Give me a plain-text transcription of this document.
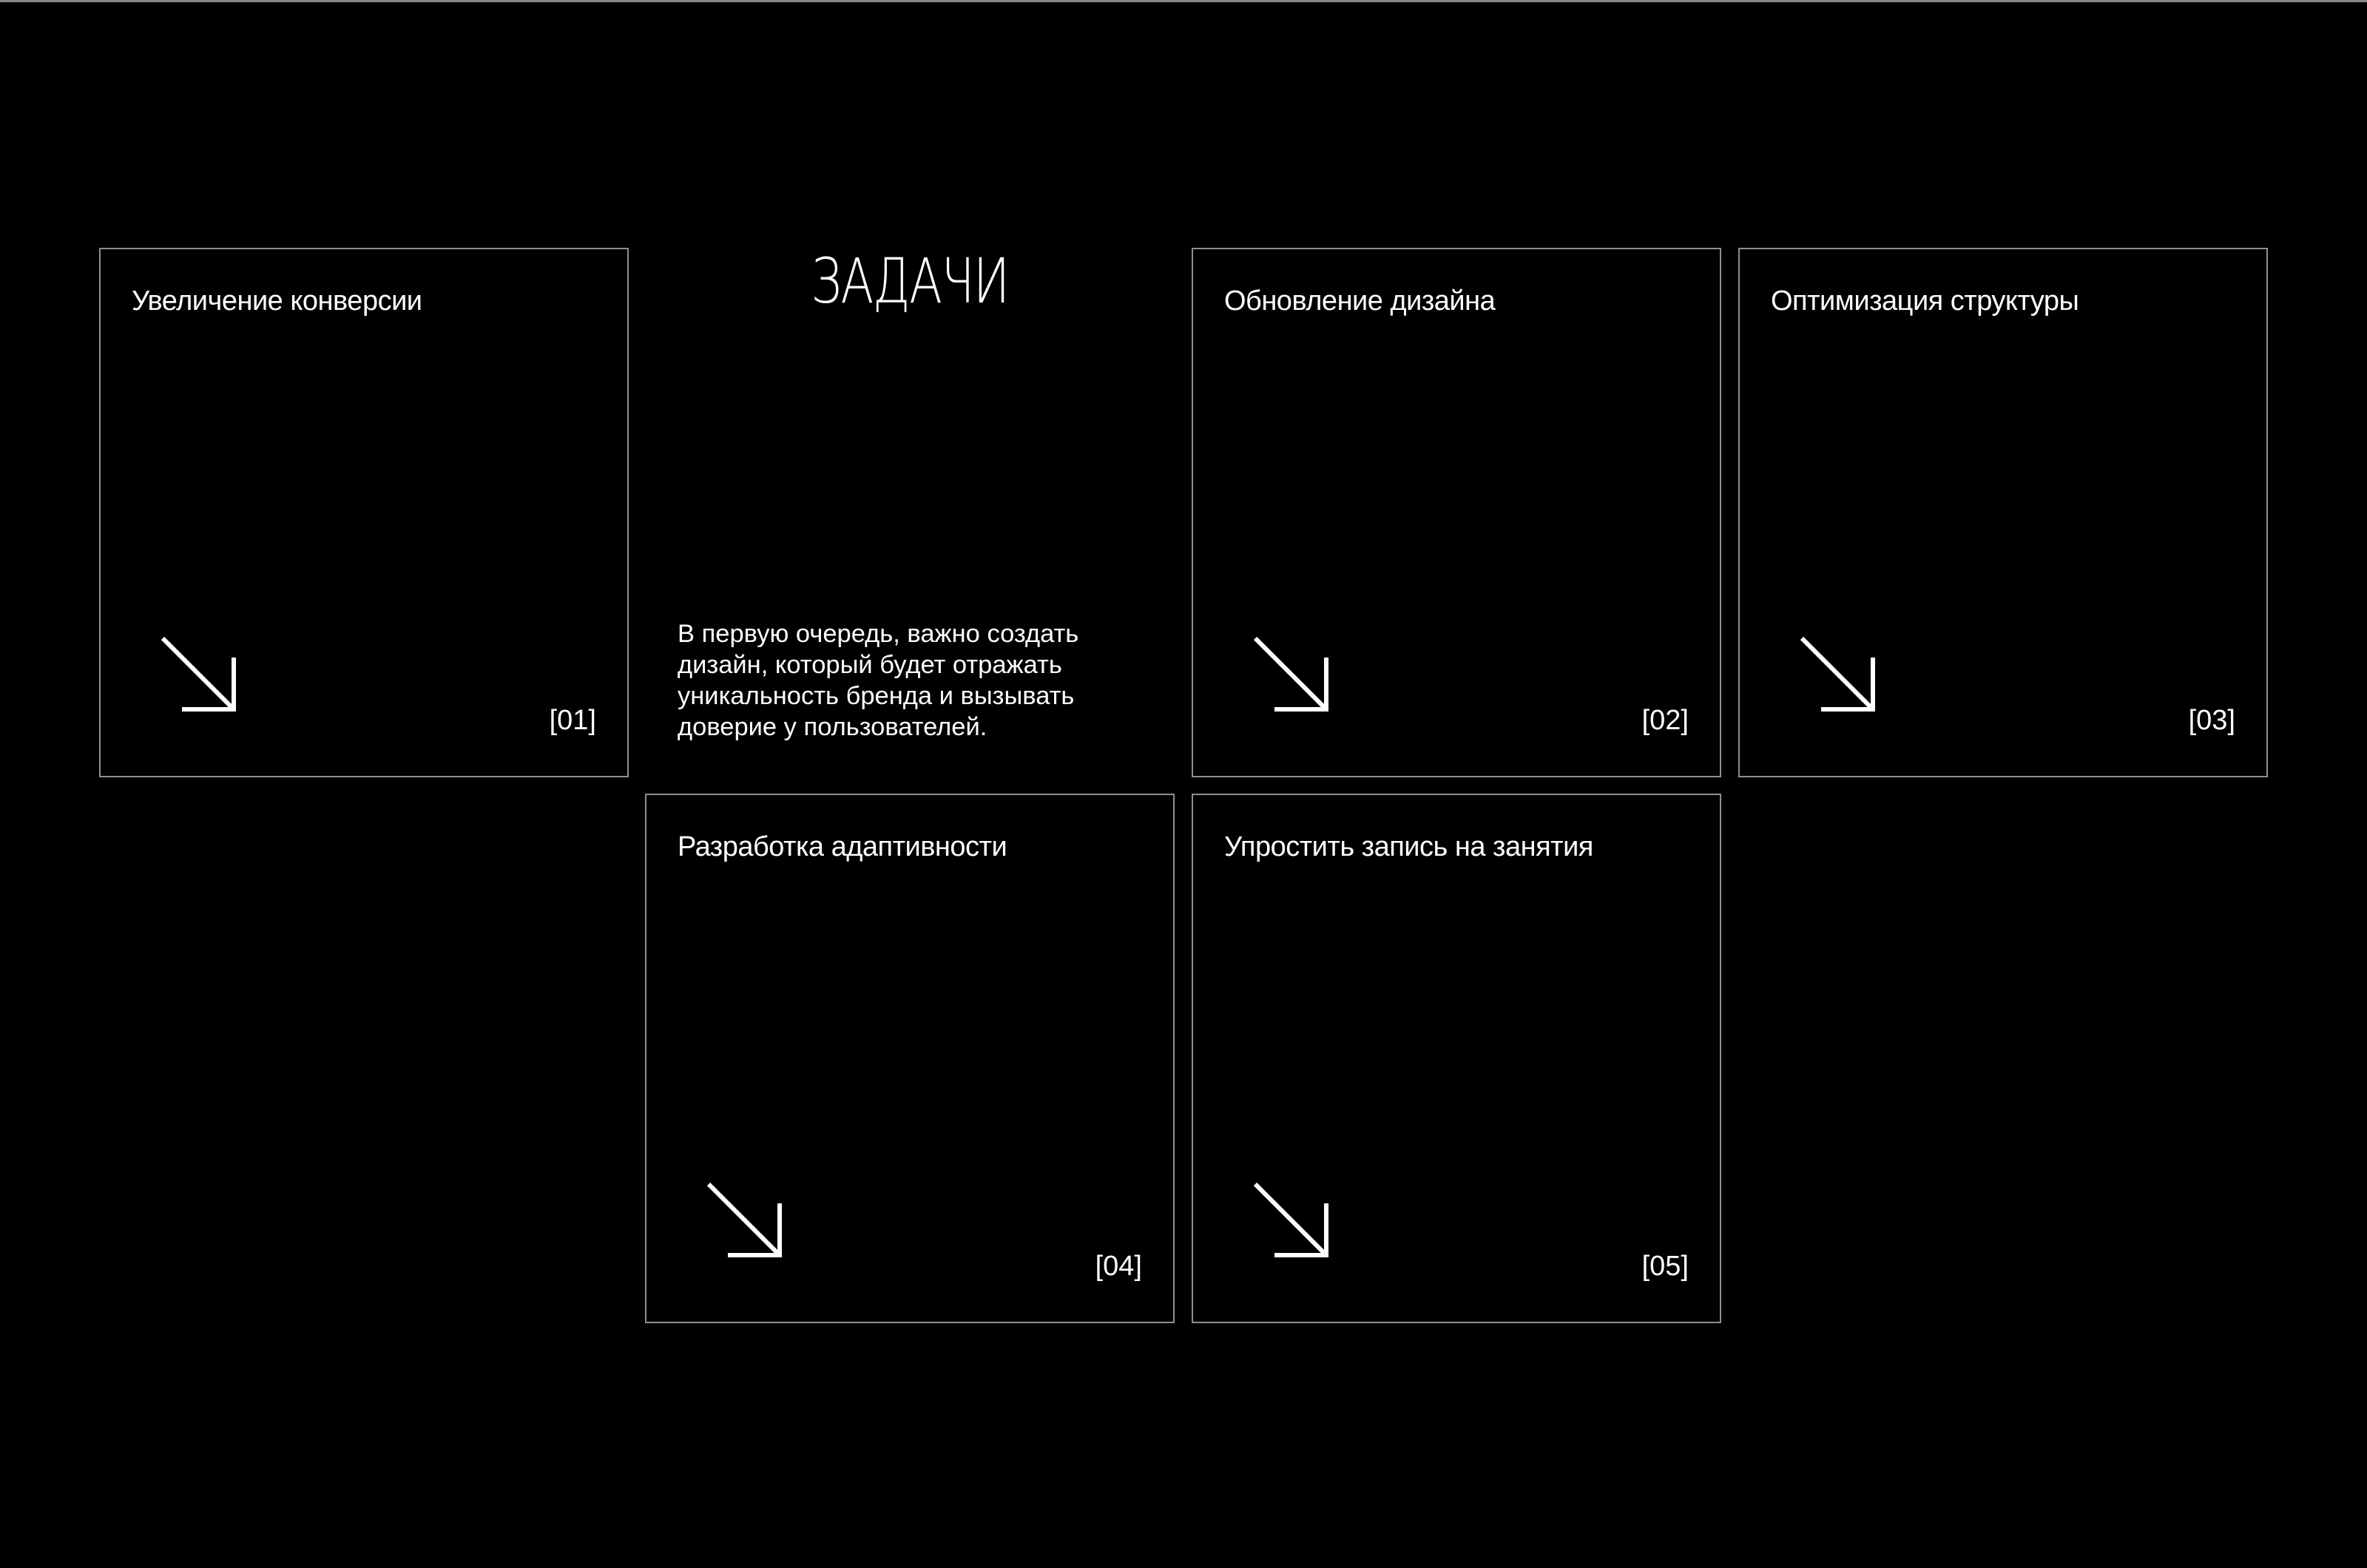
Увеличение конверсии
[01]
ЗАДАЧИ
В первую очередь, важно создать дизайн, который будет отражать уникальность бренда и вызывать доверие у пользователей.
Обновление дизайна
[02]
Оптимизация структуры
[03]
Разработка адаптивности
[04]
Упростить запись на занятия
[05]
